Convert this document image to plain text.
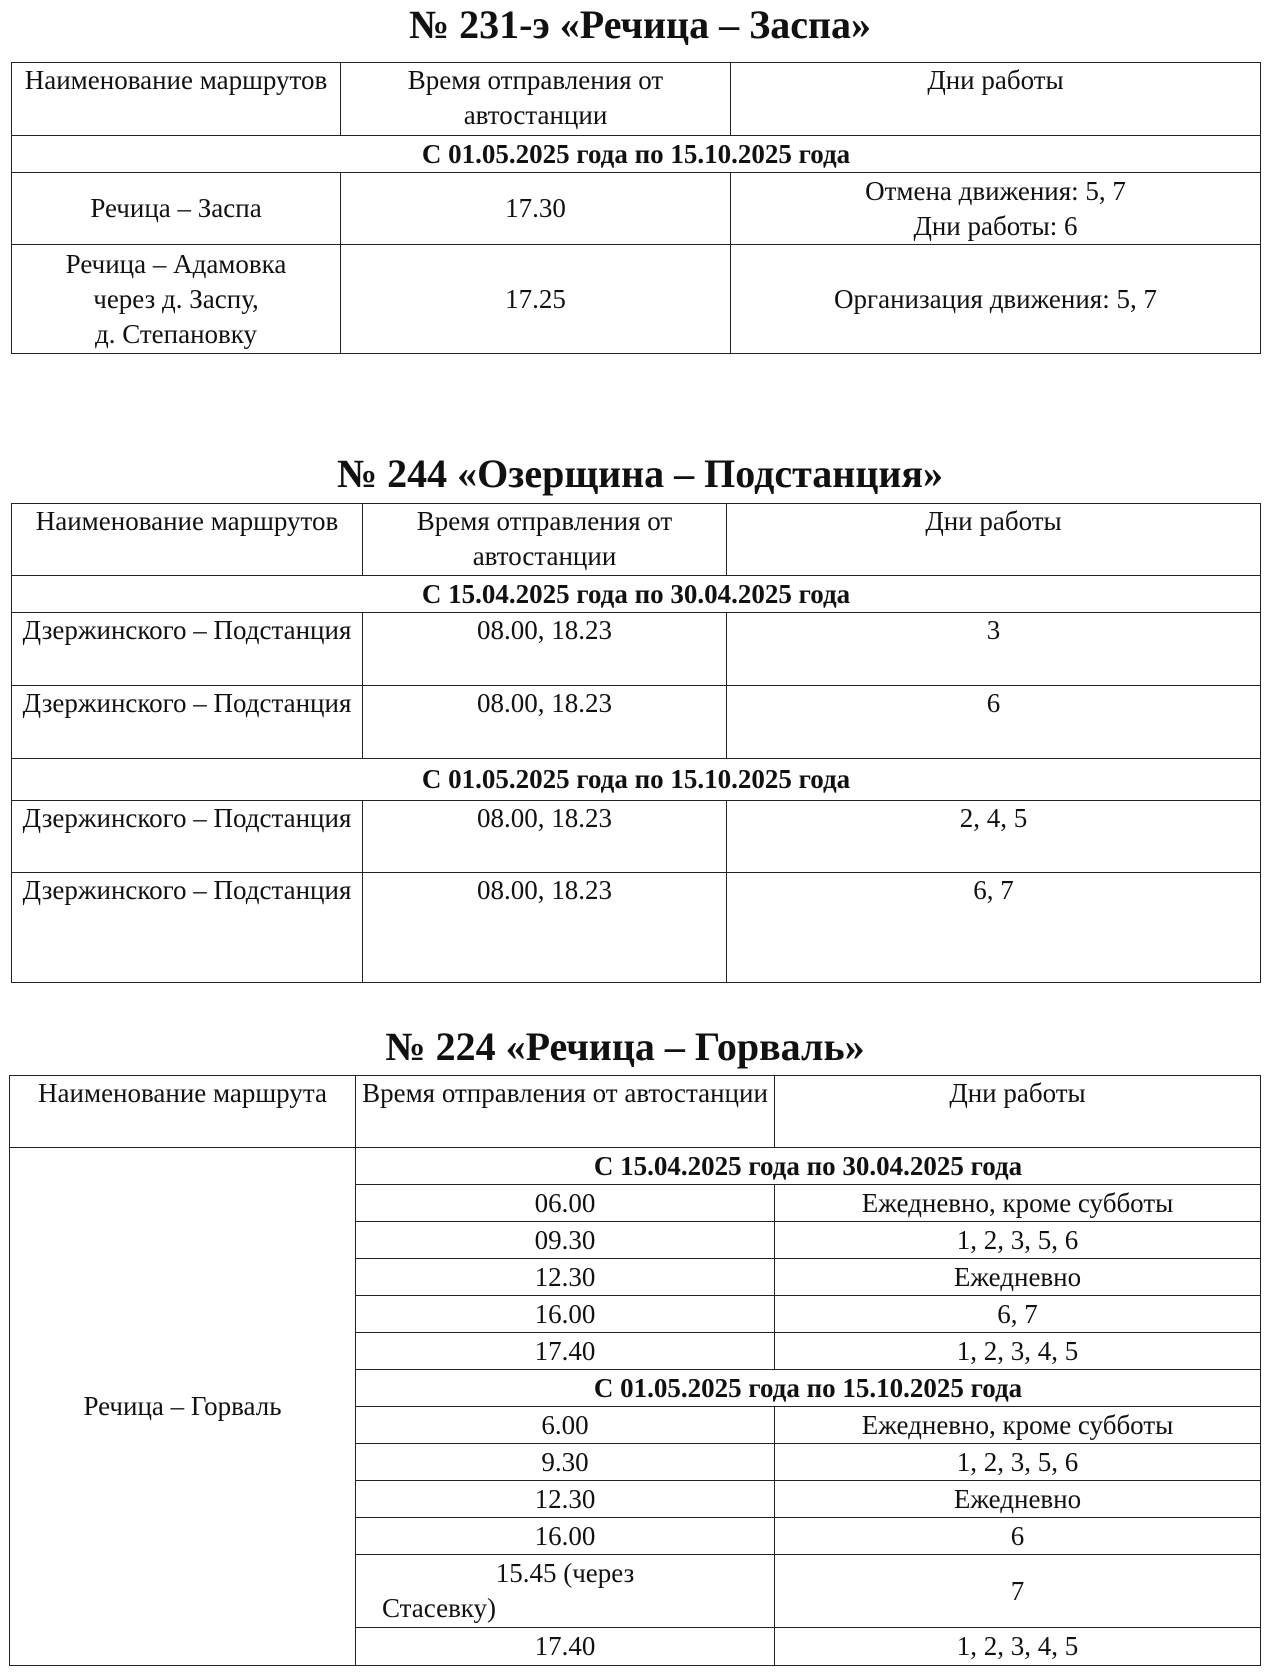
№ 231-э «Речица – Заспа»
Наименование маршрутов	Время отправления от автостанции	Дни работы
С 01.05.2025 года по 15.10.2025 года		
Речица – Заспа	17.30	Отмена движения: 5, 7
Дни работы: 6

Речица – Адамовка
через д. Заспу,
д. Степановку	17.25	Организация движения: 5, 7
№ 244 «Озерщина – Подстанция»
Наименование маршрутов	Время отправления от автостанции	Дни работы
С 15.04.2025 года по 30.04.2025 года		
Дзержинского – Подстанция	08.00, 18.23	3
Дзержинского – Подстанция	08.00, 18.23	6
С 01.05.2025 года по 15.10.2025 года		
Дзержинского – Подстанция	08.00, 18.23	2, 4, 5
Дзержинского – Подстанция	08.00, 18.23	6, 7
№ 224 «Речица – Горваль»
Наименование маршрута	Время отправления от автостанции	Дни работы
Речица – Горваль	С 15.04.2025 года по 30.04.2025 года	
	06.00	Ежедневно, кроме субботы
	09.30	1, 2, 3, 5, 6
	12.30	Ежедневно
	16.00	6, 7
	17.40	1, 2, 3, 4, 5
	С 01.05.2025 года по 15.10.2025 года	
	6.00	Ежедневно, кроме субботы
	9.30	1, 2, 3, 5, 6
	12.30	Ежедневно
	16.00	6

	15.45 (через
Стасевку)	7
	17.40	1, 2, 3, 4, 5
